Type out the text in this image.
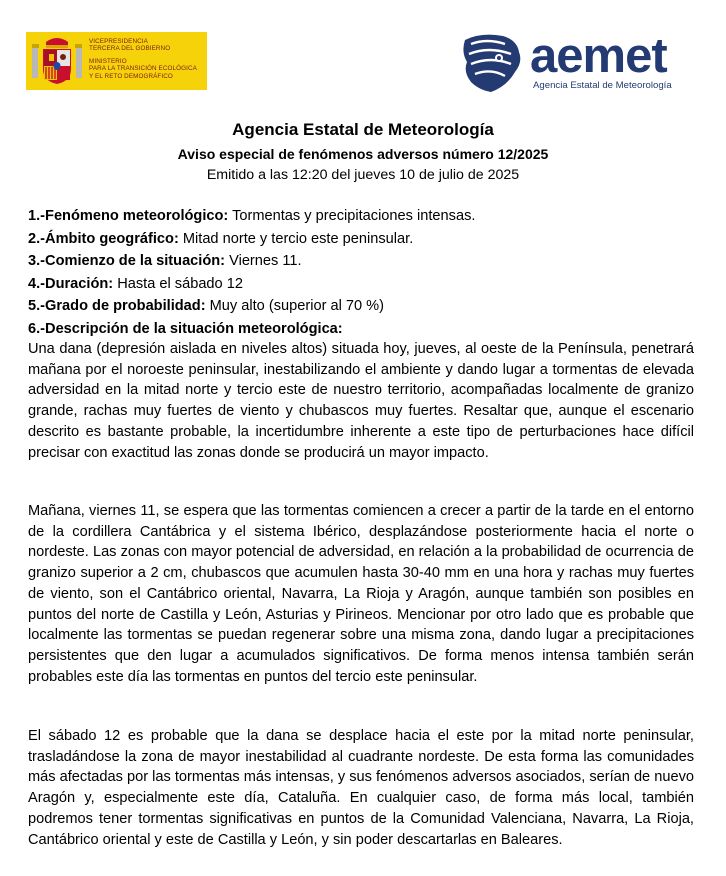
VICEPRESIDENCIA
TERCERA DEL GOBIERNO
MINISTERIO
PARA LA TRANSICIÓN ECOLÓGICA
Y EL RETO DEMOGRÁFICO	aemet
Agencia Estatal de Meteorología
Agencia Estatal de Meteorología
Aviso especial de fenómenos adversos número 12/2025
Emitido a las 12:20 del jueves 10 de julio de 2025
1.-Fenómeno meteorológico: Tormentas y precipitaciones intensas.
2.-Ámbito geográfico: Mitad norte y tercio este peninsular.
3.-Comienzo de la situación: Viernes 11.
4.-Duración: Hasta el sábado 12
5.-Grado de probabilidad: Muy alto (superior al 70 %)
6.-Descripción de la situación meteorológica:
Una dana (depresión aislada en niveles altos) situada hoy, jueves, al oeste de la Península, penetrará mañana por el noroeste peninsular, inestabilizando el ambiente y dando lugar a tormentas de elevada adversidad en la mitad norte y tercio este de nuestro territorio, acompañadas localmente de granizo grande, rachas muy fuertes de viento y chubascos muy fuertes. Resaltar que, aunque el escenario descrito es bastante probable, la incertidumbre inherente a este tipo de perturbaciones hace difícil precisar con exactitud las zonas donde se producirá un mayor impacto.
Mañana, viernes 11, se espera que las tormentas comiencen a crecer a partir de la tarde en el entorno de la cordillera Cantábrica y el sistema Ibérico, desplazándose posteriormente hacia el norte o nordeste. Las zonas con mayor potencial de adversidad, en relación a la probabilidad de ocurrencia de granizo superior a 2 cm, chubascos que acumulen hasta 30-40 mm en una hora y rachas muy fuertes de viento, son el Cantábrico oriental, Navarra, La Rioja y Aragón, aunque también son posibles en puntos del norte de Castilla y León, Asturias y Pirineos. Mencionar por otro lado que es probable que localmente las tormentas se puedan regenerar sobre una misma zona, dando lugar a precipitaciones persistentes que den lugar a acumulados significativos. De forma menos intensa también serán probables este día las tormentas en puntos del tercio este peninsular.
El sábado 12 es probable que la dana se desplace hacia el este por la mitad norte peninsular, trasladándose la zona de mayor inestabilidad al cuadrante nordeste. De esta forma las comunidades más afectadas por las tormentas más intensas, y sus fenómenos adversos asociados, serían de nuevo Aragón y, especialmente este día, Cataluña. En cualquier caso, de forma más local, también podremos tener tormentas significativas en puntos de la Comunidad Valenciana, Navarra, La Rioja, Cantábrico oriental y este de Castilla y León, y sin poder descartarlas en Baleares.
